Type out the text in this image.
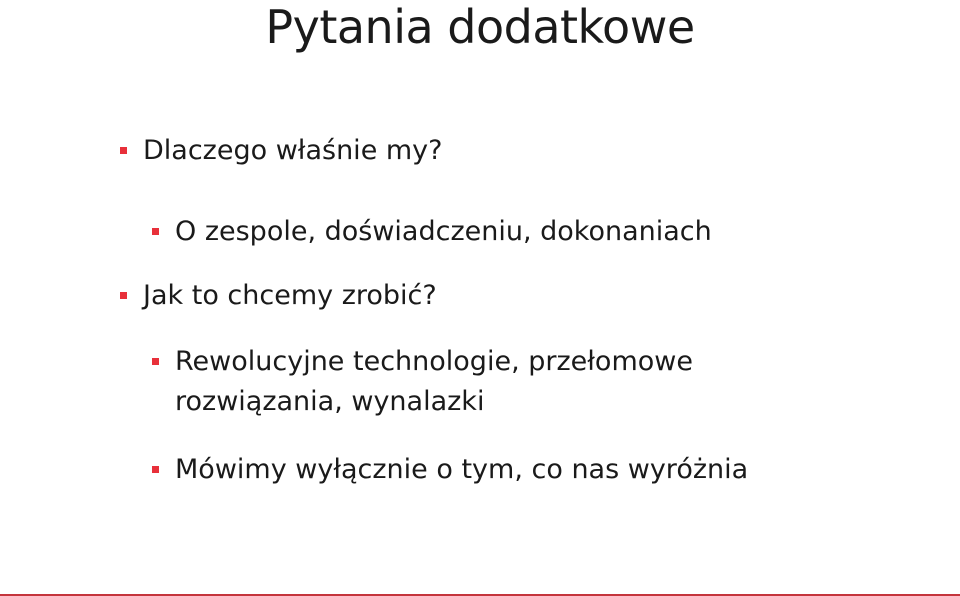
Pytania dodatkowe
Dlaczego właśnie my?
O zespole, doświadczeniu, dokonaniach
Jak to chcemy zrobić?
Rewolucyjne technologie, przełomowe
rozwiązania, wynalazki
Mówimy wyłącznie o tym, co nas wyróżnia
